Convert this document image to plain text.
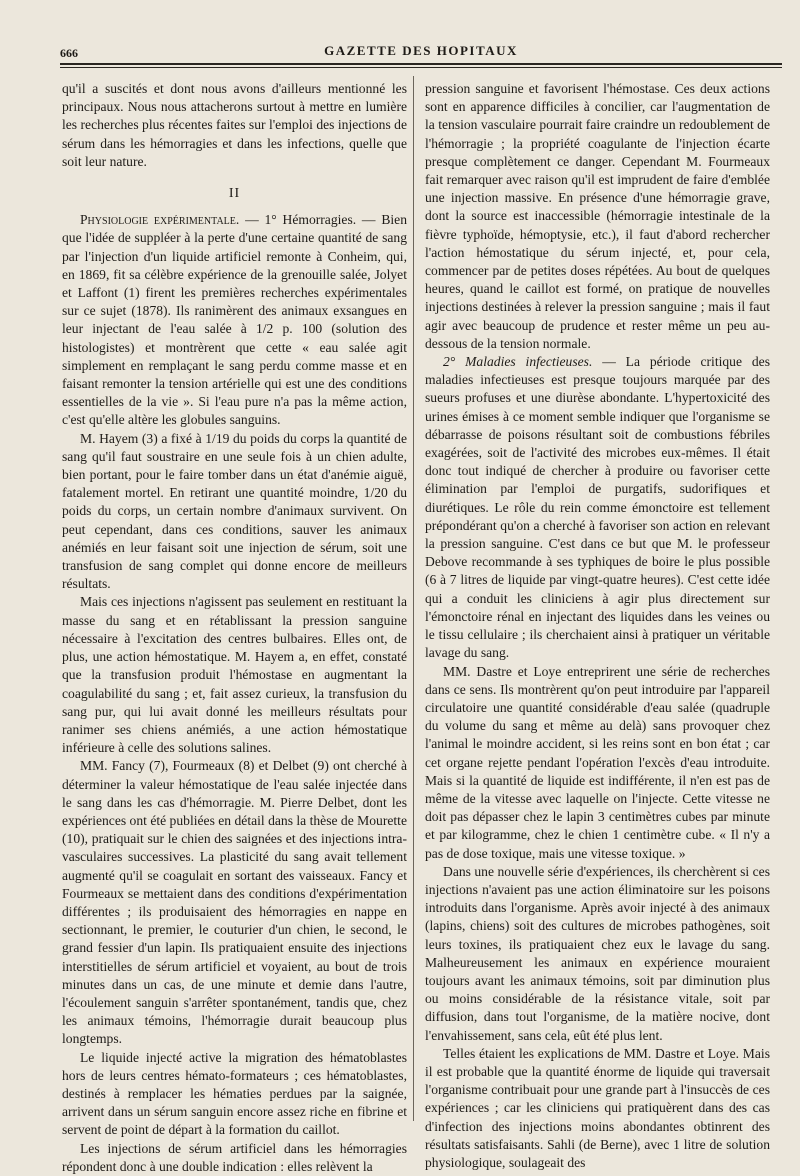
666	GAZETTE DES HOPITAUX

qu'il a suscités et dont nous avons d'ailleurs mentionné les principaux. Nous nous attacherons surtout à mettre en lumière les recherches plus récentes faites sur l'emploi des injections de sérum dans les hémorragies et dans les infections, quelle que soit leur nature.

II

Physiologie expérimentale. — 1° Hémorragies. — Bien que l'idée de suppléer à la perte d'une certaine quantité de sang par l'injection d'un liquide artificiel remonte à Conheim, qui, en 1869, fit sa célèbre expérience de la grenouille salée, Jolyet et Laffont (1) firent les premières recherches expérimentales sur ce sujet (1878). Ils ranimèrent des animaux exsangues en leur injectant de l'eau salée à 1/2 p. 100 (solution des histologistes) et montrèrent que cette « eau salée agit simplement en remplaçant le sang perdu comme masse et en faisant remonter la tension artérielle qui est une des conditions essentielles de la vie ». Si l'eau pure n'a pas la même action, c'est qu'elle altère les globules sanguins.

M. Hayem (3) a fixé à 1/19 du poids du corps la quantité de sang qu'il faut soustraire en une seule fois à un chien adulte, bien portant, pour le faire tomber dans un état d'anémie aiguë, fatalement mortel. En retirant une quantité moindre, 1/20 du poids du corps, un certain nombre d'animaux survivent. On peut cependant, dans ces conditions, sauver les animaux anémiés en leur faisant soit une injection de sérum, soit une transfusion de sang complet qui donne encore de meilleurs résultats.

Mais ces injections n'agissent pas seulement en restituant la masse du sang et en rétablissant la pression sanguine nécessaire à l'excitation des centres bulbaires. Elles ont, de plus, une action hémostatique. M. Hayem a, en effet, constaté que la transfusion produit l'hémostase en augmentant la coagulabilité du sang ; et, fait assez curieux, la transfusion du sang pur, qui lui avait donné les meilleurs résultats pour ranimer ses chiens anémiés, a une action hémostatique inférieure à celle des solutions salines.

MM. Fancy (7), Fourmeaux (8) et Delbet (9) ont cherché à déterminer la valeur hémostatique de l'eau salée injectée dans le sang dans les cas d'hémorragie. M. Pierre Delbet, dont les expériences ont été publiées en détail dans la thèse de Mourette (10), pratiquait sur le chien des saignées et des injections intra-vasculaires successives. La plasticité du sang avait tellement augmenté qu'il se coagulait en sortant des vaisseaux. Fancy et Fourmeaux se mettaient dans des conditions d'expérimentation différentes ; ils produisaient des hémorragies en nappe en sectionnant, le premier, le couturier d'un chien, le second, le grand fessier d'un lapin. Ils pratiquaient ensuite des injections interstitielles de sérum artificiel et voyaient, au bout de trois minutes dans un cas, de une minute et demie dans l'autre, l'écoulement sanguin s'arrêter spontanément, tandis que, chez les animaux témoins, l'hémorragie durait beaucoup plus longtemps.

Le liquide injecté active la migration des hématoblastes hors de leurs centres hémato-formateurs ; ces hématoblastes, destinés à remplacer les hématies perdues par la saignée, arrivent dans un sérum sanguin encore assez riche en fibrine et servent de point de départ à la formation du caillot.

Les injections de sérum artificiel dans les hémorragies répondent donc à une double indication : elles relèvent la

pression sanguine et favorisent l'hémostase. Ces deux actions sont en apparence difficiles à concilier, car l'augmentation de la tension vasculaire pourrait faire craindre un redoublement de l'hémorragie ; la propriété coagulante de l'injection écarte presque complètement ce danger. Cependant M. Fourmeaux fait remarquer avec raison qu'il est imprudent de faire d'emblée une injection massive. En présence d'une hémorragie grave, dont la source est inaccessible (hémorragie intestinale de la fièvre typhoïde, hémoptysie, etc.), il faut d'abord rechercher l'action hémostatique du sérum injecté, et, pour cela, commencer par de petites doses répétées. Au bout de quelques heures, quand le caillot est formé, on pratique de nouvelles injections destinées à relever la pression sanguine ; mais il faut agir avec beaucoup de prudence et rester même un peu au-dessous de la tension normale.

2° Maladies infectieuses. — La période critique des maladies infectieuses est presque toujours marquée par des sueurs profuses et une diurèse abondante. L'hypertoxicité des urines émises à ce moment semble indiquer que l'organisme se débarrasse de poisons résultant soit de combustions fébriles exagérées, soit de l'activité des microbes eux-mêmes. Il était donc tout indiqué de chercher à produire ou favoriser cette élimination par l'emploi de purgatifs, sudorifiques et diurétiques. Le rôle du rein comme émonctoire est tellement prépondérant qu'on a cherché à favoriser son action en relevant la pression sanguine. C'est dans ce but que M. le professeur Debove recommande à ses typhiques de boire le plus possible (6 à 7 litres de liquide par vingt-quatre heures). C'est cette idée qui a conduit les cliniciens à agir plus directement sur l'émonctoire rénal en injectant des liquides dans les veines ou le tissu cellulaire ; ils cherchaient ainsi à pratiquer un véritable lavage du sang.

MM. Dastre et Loye entreprirent une série de recherches dans ce sens. Ils montrèrent qu'on peut introduire par l'appareil circulatoire une quantité considérable d'eau salée (quadruple du volume du sang et même au delà) sans provoquer chez l'animal le moindre accident, si les reins sont en bon état ; car cet organe rejette pendant l'opération l'excès d'eau introduite. Mais si la quantité de liquide est indifférente, il n'en est pas de même de la vitesse avec laquelle on l'injecte. Cette vitesse ne doit pas dépasser chez le lapin 3 centimètres cubes par minute et par kilogramme, chez le chien 1 centimètre cube. « Il n'y a pas de dose toxique, mais une vitesse toxique. »

Dans une nouvelle série d'expériences, ils cherchèrent si ces injections n'avaient pas une action éliminatoire sur les poisons introduits dans l'organisme. Après avoir injecté à des animaux (lapins, chiens) soit des cultures de microbes pathogènes, soit leurs toxines, ils pratiquaient chez eux le lavage du sang. Malheureusement les animaux en expérience mouraient toujours avant les animaux témoins, soit par diminution plus ou moins considérable de la résistance vitale, soit par diffusion, dans tout l'organisme, de la matière nocive, dont l'envahissement, sans cela, eût été plus lent.

Telles étaient les explications de MM. Dastre et Loye. Mais il est probable que la quantité énorme de liquide qui traversait l'organisme contribuait pour une grande part à l'insuccès de ces expériences ; car les cliniciens qui pratiquèrent dans des cas d'infection des injections moins abondantes obtinrent des résultats satisfaisants. Sahli (de Berne), avec 1 litre de solution physiologique, soulageait des
